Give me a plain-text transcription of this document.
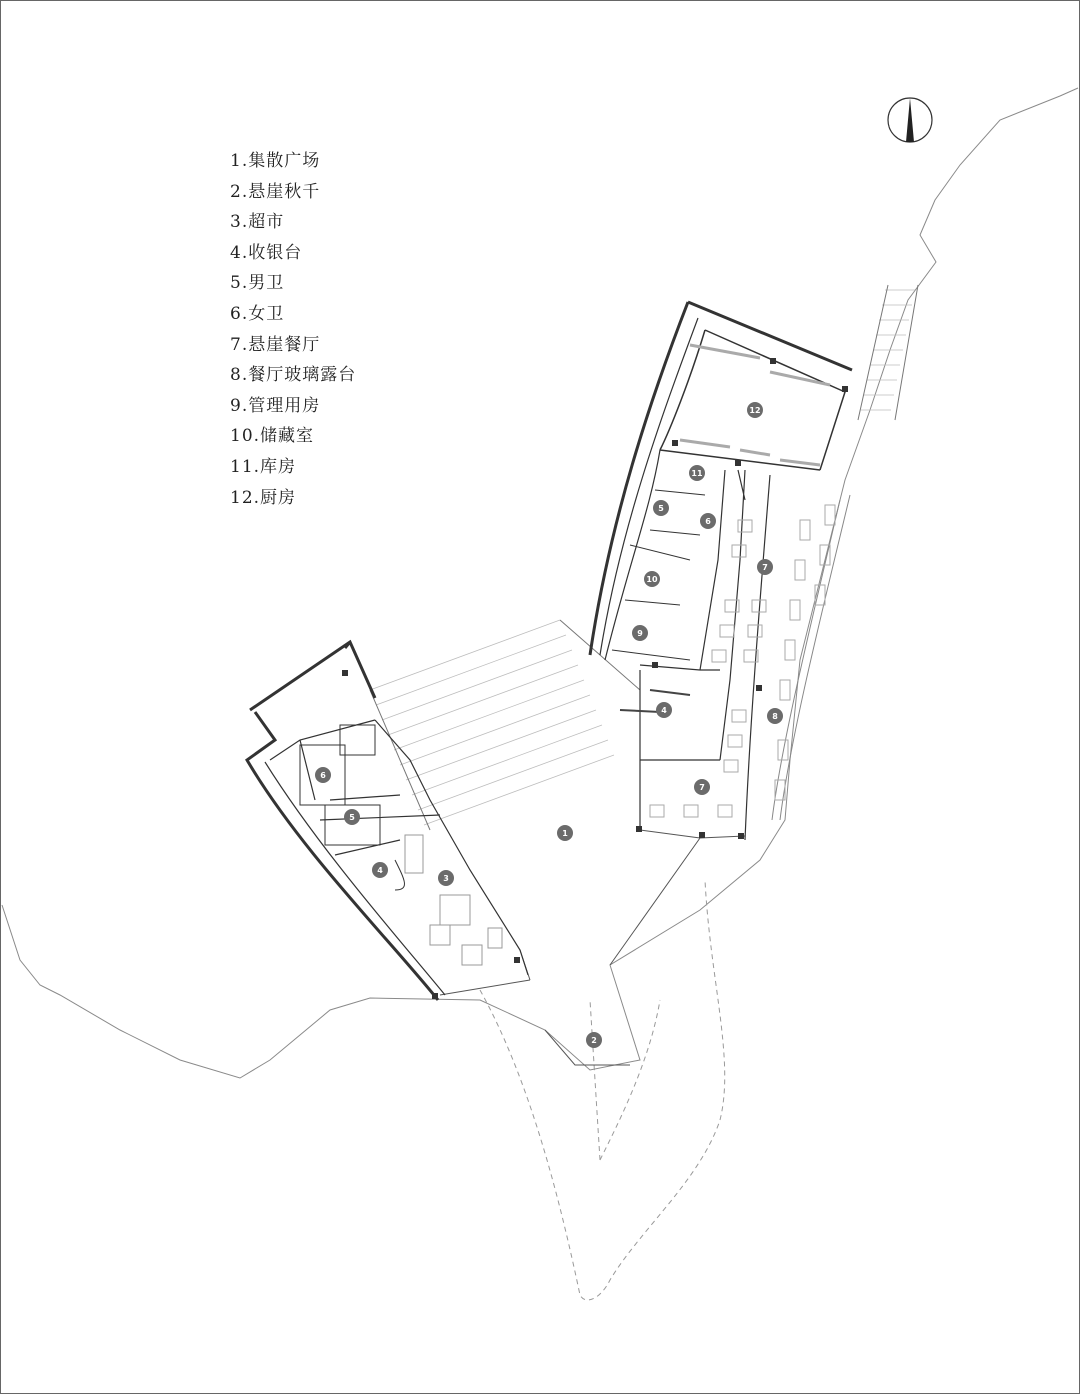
1
2
3
4
4
5
5
6
6
7
7
8
9
10
11
12
1.集散广场
2.悬崖秋千
3.超市
4.收银台
5.男卫
6.女卫
7.悬崖餐厅
8.餐厅玻璃露台
9.管理用房
10.储藏室
11.库房
12.厨房
